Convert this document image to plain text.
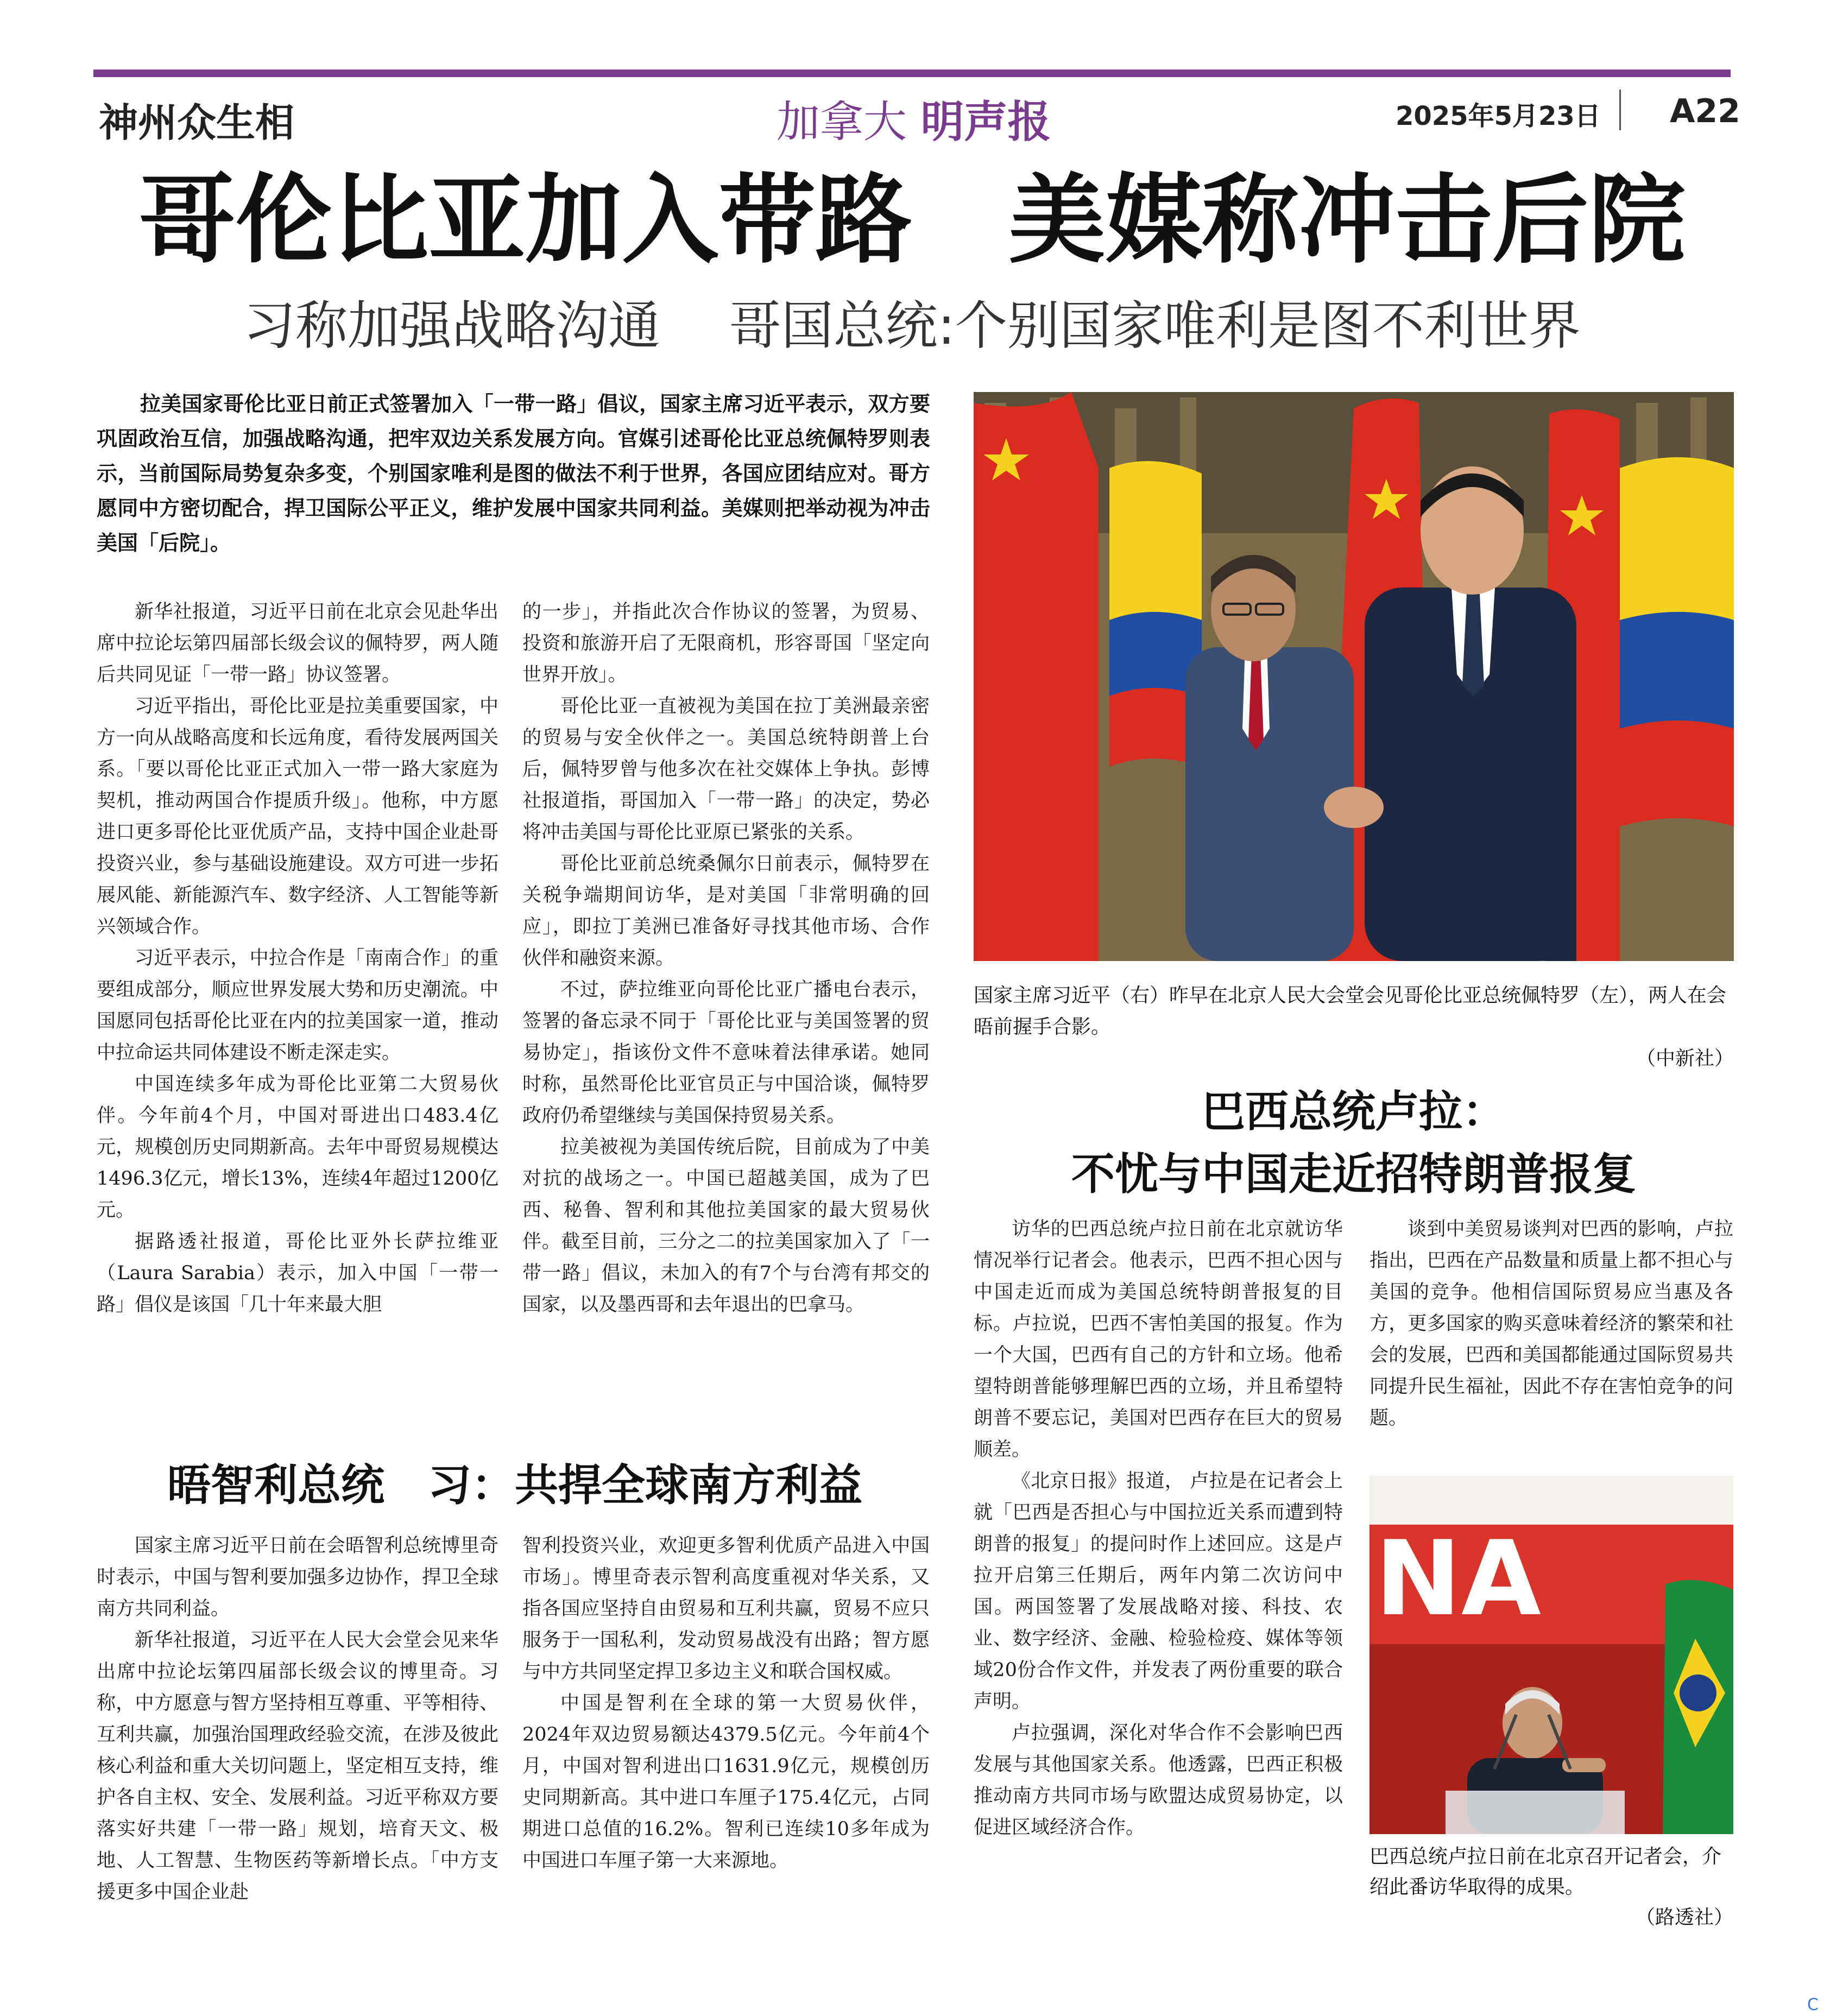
神州众生相	加拿大 明声报	2025年5月23日 A22
哥伦比亚加入带路　美媒称冲击后院
习称加强战略沟通　 哥国总统:个别国家唯利是图不利世界

拉美国家哥伦比亚日前正式签署加入「一带一路」倡议，国家主席习近平表示，双方要巩固政治互信，加强战略沟通，把牢双边关系发展方向。官媒引述哥伦比亚总统佩特罗则表示，当前国际局势复杂多变，个别国家唯利是图的做法不利于世界，各国应团结应对。哥方愿同中方密切配合，捍卫国际公平正义，维护发展中国家共同利益。美媒则把举动视为冲击美国「后院」。

新华社报道，习近平日前在北京会见赴华出席中拉论坛第四届部长级会议的佩特罗，两人随后共同见证「一带一路」协议签署。

习近平指出，哥伦比亚是拉美重要国家，中方一向从战略高度和长远角度，看待发展两国关系。「要以哥伦比亚正式加入一带一路大家庭为契机，推动两国合作提质升级」。他称，中方愿进口更多哥伦比亚优质产品，支持中国企业赴哥投资兴业，参与基础设施建设。双方可进一步拓展风能、新能源汽车、数字经济、人工智能等新兴领域合作。

习近平表示，中拉合作是「南南合作」的重要组成部分，顺应世界发展大势和历史潮流。中国愿同包括哥伦比亚在内的拉美国家一道，推动中拉命运共同体建设不断走深走实。

中国连续多年成为哥伦比亚第二大贸易伙伴。今年前4个月，中国对哥进出口483.4亿元，规模创历史同期新高。去年中哥贸易规模达1496.3亿元，增长13%，连续4年超过1200亿元。

据路透社报道，哥伦比亚外长萨拉维亚（Laura Sarabia）表示，加入中国「一带一路」倡仪是该国「几十年来最大胆

的一步」，并指此次合作协议的签署，为贸易、投资和旅游开启了无限商机，形容哥国「坚定向世界开放」。

哥伦比亚一直被视为美国在拉丁美洲最亲密的贸易与安全伙伴之一。美国总统特朗普上台后，佩特罗曾与他多次在社交媒体上争执。彭博社报道指，哥国加入「一带一路」的决定，势必将冲击美国与哥伦比亚原已紧张的关系。

哥伦比亚前总统桑佩尔日前表示，佩特罗在关税争端期间访华，是对美国「非常明确的回应」，即拉丁美洲已准备好寻找其他市场、合作伙伴和融资来源。

不过，萨拉维亚向哥伦比亚广播电台表示，签署的备忘录不同于「哥伦比亚与美国签署的贸易协定」，指该份文件不意味着法律承诺。她同时称，虽然哥伦比亚官员正与中国洽谈，佩特罗政府仍希望继续与美国保持贸易关系。

拉美被视为美国传统后院，目前成为了中美对抗的战场之一。中国已超越美国，成为了巴西、秘鲁、智利和其他拉美国家的最大贸易伙伴。截至目前，三分之二的拉美国家加入了「一带一路」倡议，未加入的有7个与台湾有邦交的国家，以及墨西哥和去年退出的巴拿马。

国家主席习近平（右）昨早在北京人民大会堂会见哥伦比亚总统佩特罗（左），两人在会晤前握手合影。
（中新社）
巴西总统卢拉：
不忧与中国走近招特朗普报复

访华的巴西总统卢拉日前在北京就访华情况举行记者会。他表示，巴西不担心因与中国走近而成为美国总统特朗普报复的目标。卢拉说，巴西不害怕美国的报复。作为一个大国，巴西有自己的方针和立场。他希望特朗普能够理解巴西的立场，并且希望特朗普不要忘记，美国对巴西存在巨大的贸易顺差。

《北京日报》报道， 卢拉是在记者会上就「巴西是否担心与中国拉近关系而遭到特朗普的报复」的提问时作上述回应。这是卢拉开启第三任期后，两年内第二次访问中国。两国签署了发展战略对接、科技、农业、数字经济、金融、检验检疫、媒体等领域20份合作文件，并发表了两份重要的联合声明。

卢拉强调，深化对华合作不会影响巴西发展与其他国家关系。他透露，巴西正积极推动南方共同市场与欧盟达成贸易协定，以促进区域经济合作。

谈到中美贸易谈判对巴西的影响，卢拉指出，巴西在产品数量和质量上都不担心与美国的竞争。他相信国际贸易应当惠及各方，更多国家的购买意味着经济的繁荣和社会的发展，巴西和美国都能通过国际贸易共同提升民生福祉，因此不存在害怕竞争的问题。

NA
巴西总统卢拉日前在北京召开记者会，介绍此番访华取得的成果。
（路透社）
晤智利总统　习：共捍全球南方利益

国家主席习近平日前在会晤智利总统博里奇时表示，中国与智利要加强多边协作，捍卫全球南方共同利益。

新华社报道，习近平在人民大会堂会见来华出席中拉论坛第四届部长级会议的博里奇。习称，中方愿意与智方坚持相互尊重、平等相待、互利共赢，加强治国理政经验交流，在涉及彼此核心利益和重大关切问题上，坚定相互支持，维护各自主权、安全、发展利益。习近平称双方要落实好共建「一带一路」规划，培育天文、极地、人工智慧、生物医药等新增长点。「中方支援更多中国企业赴

智利投资兴业，欢迎更多智利优质产品进入中国市场」。博里奇表示智利高度重视对华关系，又指各国应坚持自由贸易和互利共赢，贸易不应只服务于一国私利，发动贸易战没有出路；智方愿与中方共同坚定捍卫多边主义和联合国权威。

中国是智利在全球的第一大贸易伙伴，2024年双边贸易额达4379.5亿元。今年前4个月，中国对智利进出口1631.9亿元，规模创历史同期新高。其中进口车厘子175.4亿元，占同期进口总值的16.2%。智利已连续10多年成为中国进口车厘子第一大来源地。

C
